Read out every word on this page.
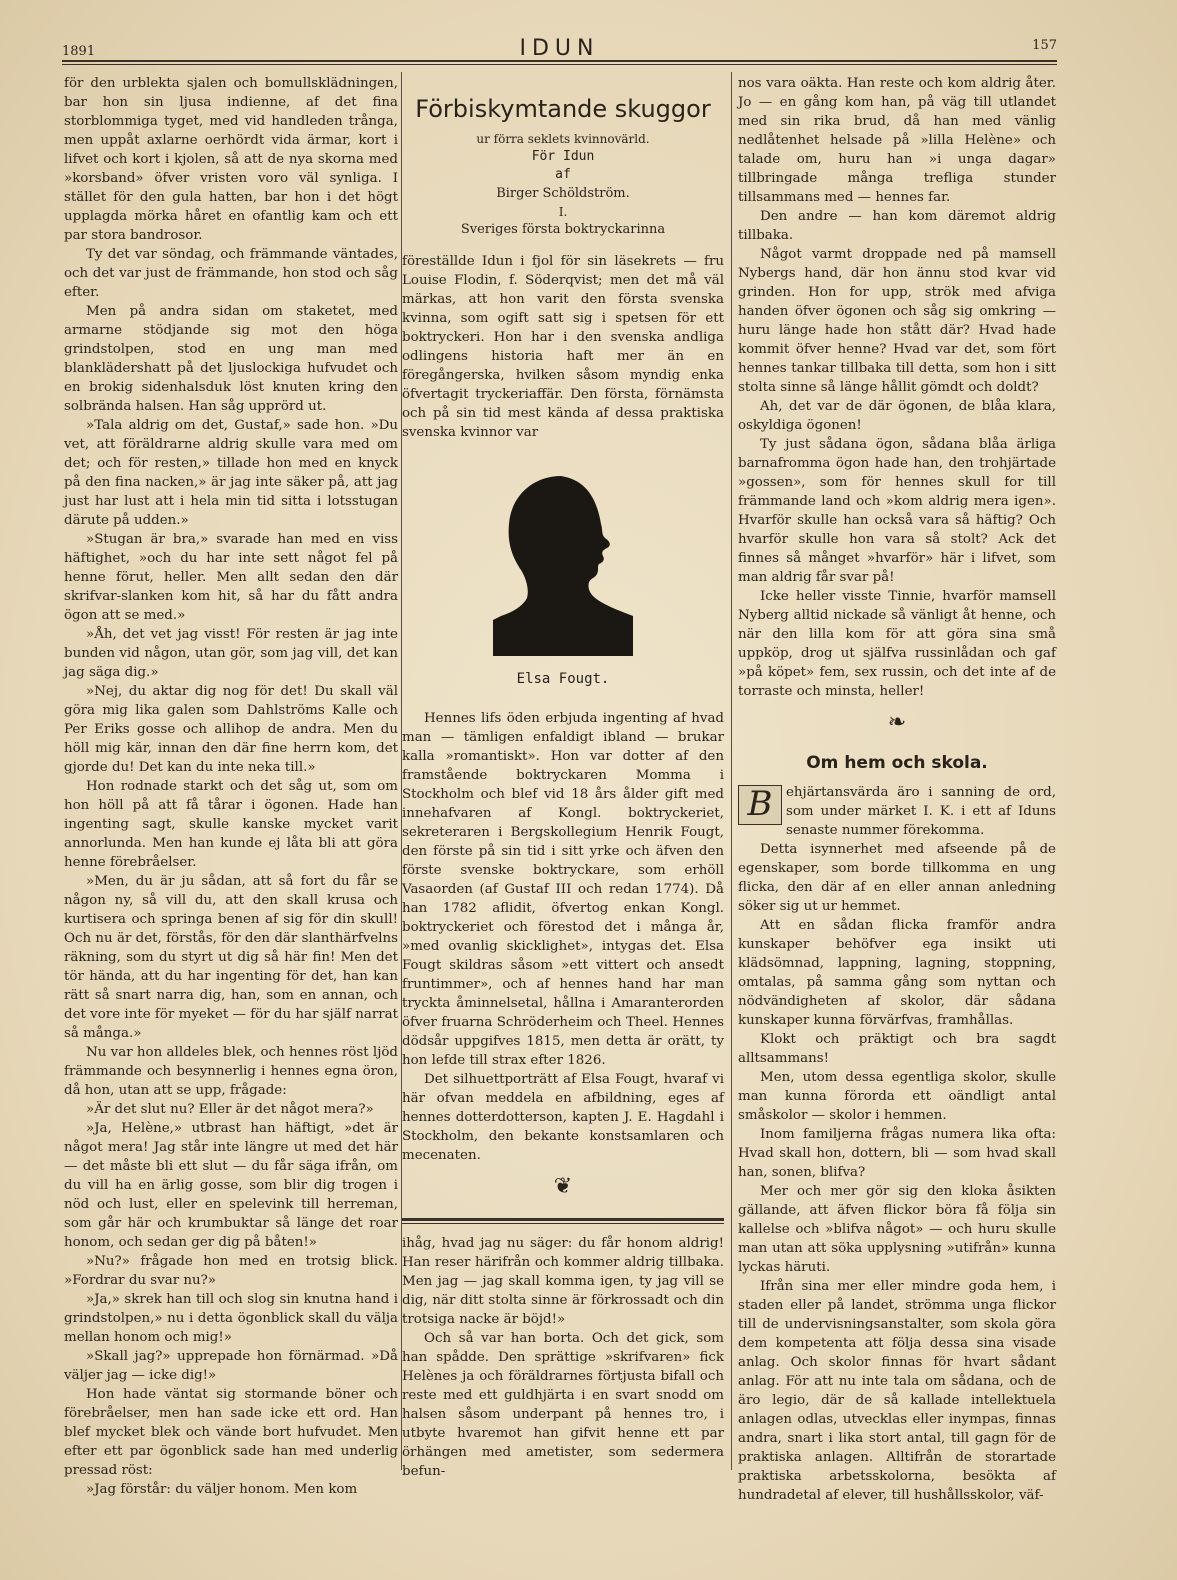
1891	IDUN	157

för den urblekta sjalen och bomullsklädningen, bar hon sin ljusa indienne, af det fina storblommiga tyget, med vid handleden trånga, men uppåt axlarne oerhördt vida ärmar, kort i lifvet och kort i kjolen, så att de nya skorna med »korsband» öfver vristen voro väl synliga. I stället för den gula hatten, bar hon i det högt upplagda mörka håret en ofantlig kam och ett par stora bandrosor.

Ty det var söndag, och främmande väntades, och det var just de främmande, hon stod och såg efter.

Men på andra sidan om staketet, med armarne stödjande sig mot den höga grindstolpen, stod en ung man med blanklädershatt på det ljuslockiga hufvudet och en brokig sidenhalsduk löst knuten kring den solbrända halsen. Han såg upprörd ut.

»Tala aldrig om det, Gustaf,» sade hon. »Du vet, att föräldrarne aldrig skulle vara med om det; och för resten,» tillade hon med en knyck på den fina nacken,» är jag inte säker på, att jag just har lust att i hela min tid sitta i lotsstugan därute på udden.»

»Stugan är bra,» svarade han med en viss häftighet, »och du har inte sett något fel på henne förut, heller. Men allt sedan den där skrifvar-slanken kom hit, så har du fått andra ögon att se med.»

»Åh, det vet jag visst! För resten är jag inte bunden vid någon, utan gör, som jag vill, det kan jag säga dig.»

»Nej, du aktar dig nog för det! Du skall väl göra mig lika galen som Dahlströms Kalle och Per Eriks gosse och allihop de andra. Men du höll mig kär, innan den där fine herrn kom, det gjorde du! Det kan du inte neka till.»

Hon rodnade starkt och det såg ut, som om hon höll på att få tårar i ögonen. Hade han ingenting sagt, skulle kanske mycket varit annorlunda. Men han kunde ej låta bli att göra henne förebråelser.

»Men, du är ju sådan, att så fort du får se någon ny, så vill du, att den skall krusa och kurtisera och springa benen af sig för din skull! Och nu är det, förstås, för den där slanthärfvelns räkning, som du styrt ut dig så här fin! Men det tör hända, att du har ingenting för det, han kan rätt så snart narra dig, han, som en annan, och det vore inte för myeket — för du har själf narrat så många.»

Nu var hon alldeles blek, och hennes röst ljöd främmande och besynnerlig i hennes egna öron, då hon, utan att se upp, frågade:

»Är det slut nu? Eller är det något mera?»

»Ja, Helène,» utbrast han häftigt, »det är något mera! Jag står inte längre ut med det här — det måste bli ett slut — du får säga ifrån, om du vill ha en ärlig gosse, som blir dig trogen i nöd och lust, eller en spelevink till herreman, som går här och krumbuktar så länge det roar honom, och sedan ger dig på båten!»

»Nu?» frågade hon med en trotsig blick. »Fordrar du svar nu?»

»Ja,» skrek han till och slog sin knutna hand i grindstolpen,» nu i detta ögonblick skall du välja mellan honom och mig!»

»Skall jag?» upprepade hon förnärmad. »Då väljer jag — icke dig!»

Hon hade väntat sig stormande böner och förebråelser, men han sade icke ett ord. Han blef mycket blek och vände bort hufvudet. Men efter ett par ögonblick sade han med underlig pressad röst:

»Jag förstår: du väljer honom. Men kom

Förbiskymtande skuggor
ur förra seklets kvinnovärld.
För Idun
af
Birger Schöldström.
I.
Sveriges första boktryckarinna

föreställde Idun i fjol för sin läsekrets — fru Louise Flodin, f. Söderqvist; men det må väl märkas, att hon varit den första svenska kvinna, som ogift satt sig i spetsen för ett boktryckeri. Hon har i den svenska andliga odlingens historia haft mer än en föregångerska, hvilken såsom myndig enka öfvertagit tryckeriaffär. Den första, förnämsta och på sin tid mest kända af dessa praktiska svenska kvinnor var

Elsa Fougt.

Hennes lifs öden erbjuda ingenting af hvad man — tämligen enfaldigt ibland — brukar kalla »romantiskt». Hon var dotter af den framstående boktryckaren Momma i Stockholm och blef vid 18 års ålder gift med innehafvaren af Kongl. boktryckeriet, sekreteraren i Bergskollegium Henrik Fougt, den förste på sin tid i sitt yrke och äfven den förste svenske boktryckare, som erhöll Vasaorden (af Gustaf III och redan 1774). Då han 1782 aflidit, öfvertog enkan Kongl. boktryckeriet och förestod det i många år, »med ovanlig skicklighet», intygas det. Elsa Fougt skildras såsom »ett vittert och ansedt fruntimmer», och af hennes hand har man tryckta åminnelsetal, hållna i Amaranterorden öfver fruarna Schröderheim och Theel. Hennes dödsår uppgifves 1815, men detta är orätt, ty hon lefde till strax efter 1826.

Det silhuettporträtt af Elsa Fougt, hvaraf vi här ofvan meddela en afbildning, eges af hennes dotterdotterson, kapten J. E. Hagdahl i Stockholm, den bekante konstsamlaren och mecenaten.

❦

ihåg, hvad jag nu säger: du får honom aldrig! Han reser härifrån och kommer aldrig tillbaka. Men jag — jag skall komma igen, ty jag vill se dig, när ditt stolta sinne är förkrossadt och din trotsiga nacke är böjd!»

Och så var han borta. Och det gick, som han spådde. Den sprättige »skrifvaren» fick Helènes ja och föräldrarnes förtjusta bifall och reste med ett guldhjärta i en svart snodd om halsen såsom underpant på hennes tro, i utbyte hvaremot han gifvit henne ett par örhängen med ametister, som sedermera befun-

nos vara oäkta. Han reste och kom aldrig åter. Jo — en gång kom han, på väg till utlandet med sin rika brud, då han med vänlig nedlåtenhet helsade på »lilla Helène» och talade om, huru han »i unga dagar» tillbringade många trefliga stunder tillsammans med — hennes far.

Den andre — han kom däremot aldrig tillbaka.

Något varmt droppade ned på mamsell Nybergs hand, där hon ännu stod kvar vid grinden. Hon for upp, strök med afviga handen öfver ögonen och såg sig omkring — huru länge hade hon stått där? Hvad hade kommit öfver henne? Hvad var det, som fört hennes tankar tillbaka till detta, som hon i sitt stolta sinne så länge hållit gömdt och doldt?

Ah, det var de där ögonen, de blåa klara, oskyldiga ögonen!

Ty just sådana ögon, sådana blåa ärliga barnafromma ögon hade han, den trohjärtade »gossen», som för hennes skull for till främmande land och »kom aldrig mera igen». Hvarför skulle han också vara så häftig? Och hvarför skulle hon vara så stolt? Ack det finnes så månget »hvarför» här i lifvet, som man aldrig får svar på!

Icke heller visste Tinnie, hvarför mamsell Nyberg alltid nickade så vänligt åt henne, och när den lilla kom för att göra sina små uppköp, drog ut själfva russinlådan och gaf »på köpet» fem, sex russin, och det inte af de torraste och minsta, heller!

❧
Om hem och skola.

B	ehjärtansvärda äro i sanning de ord, som under märket I. K. i ett af Iduns senaste nummer förekomma.

Detta isynnerhet med afseende på de egenskaper, som borde tillkomma en ung flicka, den där af en eller annan anledning söker sig ut ur hemmet.

Att en sådan flicka framför andra kunskaper behöfver ega insikt uti klädsömnad, lappning, lagning, stoppning, omtalas, på samma gång som nyttan och nödvändigheten af skolor, där sådana kunskaper kunna förvärfvas, framhållas.

Klokt och präktigt och bra sagdt alltsammans!

Men, utom dessa egentliga skolor, skulle man kunna förorda ett oändligt antal småskolor — skolor i hemmen.

Inom familjerna frågas numera lika ofta: Hvad skall hon, dottern, bli — som hvad skall han, sonen, blifva?

Mer och mer gör sig den kloka åsikten gällande, att äfven flickor böra få följa sin kallelse och »blifva något» — och huru skulle man utan att söka upplysning »utifrån» kunna lyckas häruti.

Ifrån sina mer eller mindre goda hem, i staden eller på landet, strömma unga flickor till de undervisningsanstalter, som skola göra dem kompetenta att följa dessa sina visade anlag. Och skolor finnas för hvart sådant anlag. För att nu inte tala om sådana, och de äro legio, där de så kallade intellektuela anlagen odlas, utvecklas eller inympas, finnas andra, snart i lika stort antal, till gagn för de praktiska anlagen. Alltifrån de storartade praktiska arbetsskolorna, besökta af hundradetal af elever, till hushållsskolor, väf-
